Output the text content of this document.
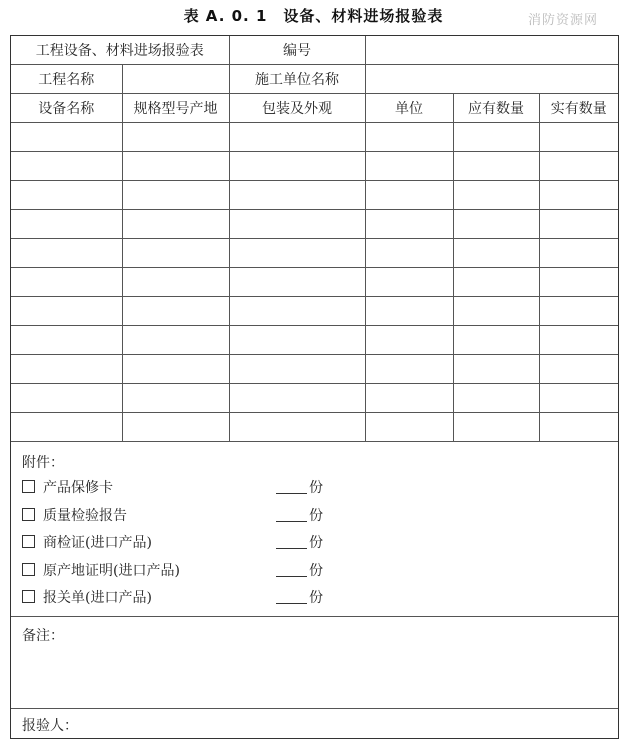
表 A. 0. 1　设备、材料进场报验表	消防资源网
工程设备、材料进场报验表		编号			
工程名称		施工单位名称			
设备名称	规格型号产地	包装及外观	单位	应有数量	实有数量

附件：
产品保修卡	份
质量检验报告	份
商检证(进口产品)	份
原产地证明(进口产品)	份
报关单(进口产品)	份
备注：
报验人：
